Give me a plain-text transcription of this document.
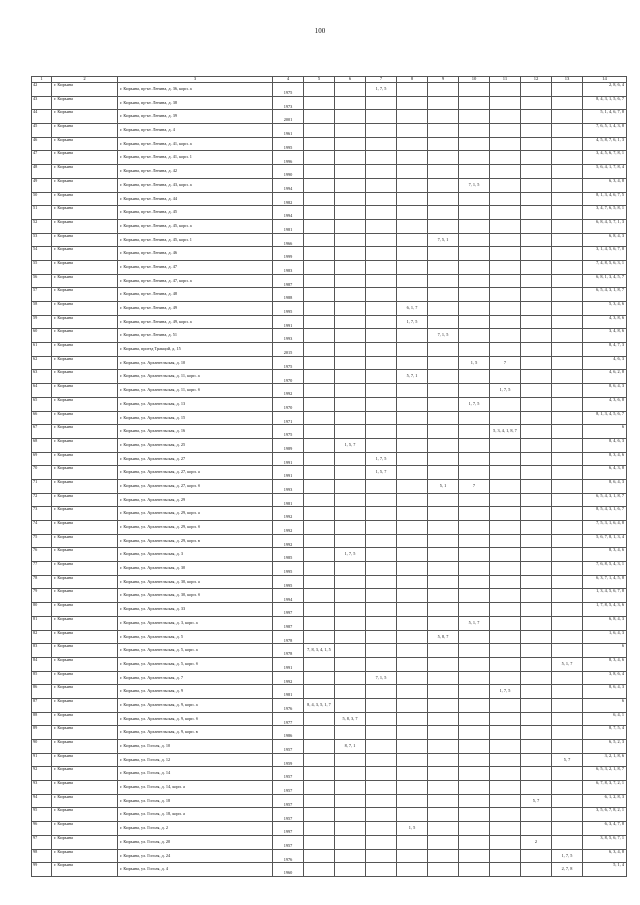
100
1	2	3	4	5	6	7	8	9	10	11	12	13	14
42	г. Кирьяна	г. Кирьяна, пр-кт. Ленина, д. 36, корп. а	1975			1, 7, 5							2, 8, 6, 4
43	г. Кирьяна	г. Кирьяна, пр-кт. Ленина, д. 38	1973										8, 4, 3, 1, 5, 6, 7
44	г. Кирьяна	г. Кирьяна, пр-кт. Ленина, д. 39	2001										5, 1, 4, 6, 7, 8
45	г. Кирьяна	г. Кирьяна, пр-кт. Ленина, д. 4	1961										7, 6, 5, 1, 4, 3, 8
46	г. Кирьяна	г. Кирьяна, пр-кт. Ленина, д. 41, корп. а	1995										4, 5, 8, 7, 6, 1, 3
47	г. Кирьяна	г. Кирьяна, пр-кт. Ленина, д. 41, корп. 1	1996										3, 4, 5, 6, 7, 8, 1
48	г. Кирьяна	г. Кирьяна, пр-кт. Ленина, д. 42	1990										5, 6, 4, 1, 7, 8, 4
49	г. Кирьяна	г. Кирьяна, пр-кт. Ленина, д. 43, корп. а	1994						7, 1, 5				6, 3, 4, 8
50	г. Кирьяна	г. Кирьяна, пр-кт. Ленина, д. 44	1982										8, 1, 3, 4, 6, 7, 5
51	г. Кирьяна	г. Кирьяна, пр-кт. Ленина, д. 45	1994										3, 4, 7, 6, 5, 8, 1
52	г. Кирьяна	г. Кирьяна, пр-кт. Ленина, д. 45, корп. а	1981										6, 8, 4, 5, 7, 1, 3
53	г. Кирьяна	г. Кирьяна, пр-кт. Ленина, д. 45, корп. 1	1966					7, 5, 1					6, 8, 4, 3
54	г. Кирьяна	г. Кирьяна, пр-кт. Ленина, д. 46	1999										3, 1, 4, 5, 6, 7, 8
55	г. Кирьяна	г. Кирьяна, пр-кт. Ленина, д. 47	1983										7, 4, 8, 5, 6, 3, 1
56	г. Кирьяна	г. Кирьяна, пр-кт. Ленина, д. 47, корп. а	1987										6, 8, 1, 3, 4, 5, 7
57	г. Кирьяна	г. Кирьяна, пр-кт. Ленина, д. 48	1988										6, 5, 4, 3, 1, 8, 7
58	г. Кирьяна	г. Кирьяна, пр-кт. Ленина, д. 49	1995				6, 1, 7						5, 3, 4, 6
59	г. Кирьяна	г. Кирьяна, пр-кт. Ленина, д. 49, корп. а	1991				1, 7, 5						4, 3, 8, 6
60	г. Кирьяна	г. Кирьяна, пр-кт. Ленина, д. 51	1993					7, 1, 5					3, 4, 8, 6
61	г. Кирьяна	г. Кирьяна, проезд Тракций, д. 15	2015										8, 4, 7, 3
62	г. Кирьяна	г. Кирьяна, ул. Архангельская, д. 10	1975						1, 5	7			4, 6, 3
63	г. Кирьяна	г. Кирьяна, ул. Архангельская, д. 11, корп. а	1970				5, 7, 1						4, 6, 2, 8
64	г. Кирьяна	г. Кирьяна, ул. Архангельская, д. 11, корп. б	1992							1, 7, 5			8, 6, 4, 3
65	г. Кирьяна	г. Кирьяна, ул. Архангельская, д. 13	1970						1, 7, 5				4, 3, 6, 8
66	г. Кирьяна	г. Кирьяна, ул. Архангельская, д. 15	1971										8, 1, 3, 4, 5, 6, 7
67	г. Кирьяна	г. Кирьяна, ул. Архангельская, д. 16	1975							5, 3, 4, 1, 8, 7			6
68	г. Кирьяна	г. Кирьяна, ул. Архангельская, д. 25	1989		1, 5, 7								8, 4, 6, 3
69	г. Кирьяна	г. Кирьяна, ул. Архангельская, д. 27	1991			1, 7, 5							8, 3, 4, 6
70	г. Кирьяна	г. Кирьяна, ул. Архангельская, д. 27, корп. а	1991			1, 5, 7							6, 4, 3, 8
71	г. Кирьяна	г. Кирьяна, ул. Архангельская, д. 27, корп. б	1993					5, 1	7				8, 6, 4, 3
72	г. Кирьяна	г. Кирьяна, ул. Архангельская, д. 29	1981										6, 5, 4, 3, 1, 8, 7
73	г. Кирьяна	г. Кирьяна, ул. Архангельская, д. 29, корп. а	1992										8, 5, 4, 3, 1, 6, 7
74	г. Кирьяна	г. Кирьяна, ул. Архангельская, д. 29, корп. б	1992										7, 5, 3, 1, 6, 4, 8
75	г. Кирьяна	г. Кирьяна, ул. Архангельская, д. 29, корп. в	1992										5, 6, 7, 8, 1, 3, 4
76	г. Кирьяна	г. Кирьяна, ул. Архангельская, д. 3	1985		1, 7, 5								8, 3, 4, 6
77	г. Кирьяна	г. Кирьяна, ул. Архангельская, д. 30	1995										7, 6, 8, 5, 4, 3, 1
78	г. Кирьяна	г. Кирьяна, ул. Архангельская, д. 30, корп. а	1995										6, 3, 7, 1, 4, 5, 8
79	г. Кирьяна	г. Кирьяна, ул. Архангельская, д. 30, корп. б	1994										1, 3, 4, 5, 6, 7, 8
80	г. Кирьяна	г. Кирьяна, ул. Архангельская, д. 33	1997										1, 7, 8, 5, 4, 3, 6
81	г. Кирьяна	г. Кирьяна, ул. Архангельская, д. 3, корп. а	1987						5, 1, 7				6, 8, 4, 3
82	г. Кирьяна	г. Кирьяна, ул. Архангельская, д. 5	1978					5, 8, 7					1, 6, 4, 3
83	г. Кирьяна	г. Кирьяна, ул. Архангельская, д. 5, корп. а	1978	7, 8, 3, 4, 1, 5									6
84	г. Кирьяна	г. Кирьяна, ул. Архангельская, д. 5, корп. б	1991									5, 1, 7	8, 3, 4, 6
85	г. Кирьяна	г. Кирьяна, ул. Архангельская, д. 7	1992			7, 1, 5							3, 8, 6, 4
86	г. Кирьяна	г. Кирьяна, ул. Архангельская, д. 9	1981							1, 7, 5			8, 6, 4, 3
87	г. Кирьяна	г. Кирьяна, ул. Архангельская, д. 9, корп. а	1976	8, 4, 3, 5, 1, 7									6
88	г. Кирьяна	г. Кирьяна, ул. Архангельская, д. 9, корп. б	1977		5, 8, 3, 7								6, 4, 1
89	г. Кирьяна	г. Кирьяна, ул. Архангельская, д. 9, корп. в	1986										8, 7, 5, 4
90	г. Кирьяна	г. Кирьяна, ул. Гоголя, д. 10	1957		8, 7, 1								6, 5, 2, 3
91	г. Кирьяна	г. Кирьяна, ул. Гоголя, д. 12	1959									5, 7	3, 2, 1, 8, 6
92	г. Кирьяна	г. Кирьяна, ул. Гоголя, д. 14	1957										6, 5, 3, 2, 1, 8, 7
93	г. Кирьяна	г. Кирьяна, ул. Гоголя, д. 14, корп. а	1957										6, 7, 8, 3, 7, 2, 1
94	г. Кирьяна	г. Кирьяна, ул. Гоголя, д. 18	1957								5, 7		6, 1, 2, 8, 3
95	г. Кирьяна	г. Кирьяна, ул. Гоголя, д. 18, корп. а	1957										3, 5, 6, 7, 8, 2, 1
96	г. Кирьяна	г. Кирьяна, ул. Гоголя, д. 2	1997				1, 5						6, 3, 4, 7, 8
97	г. Кирьяна	г. Кирьяна, ул. Гоголя, д. 20	1957								2		3, 8, 5, 6, 7, 1
98	г. Кирьяна	г. Кирьяна, ул. Гоголя, д. 24	1976									1, 7, 5	6, 3, 4, 8
99	г. Кирьяна	г. Кирьяна, ул. Гоголя, д. 4	1960									2, 7, 8	5, 1, 4
